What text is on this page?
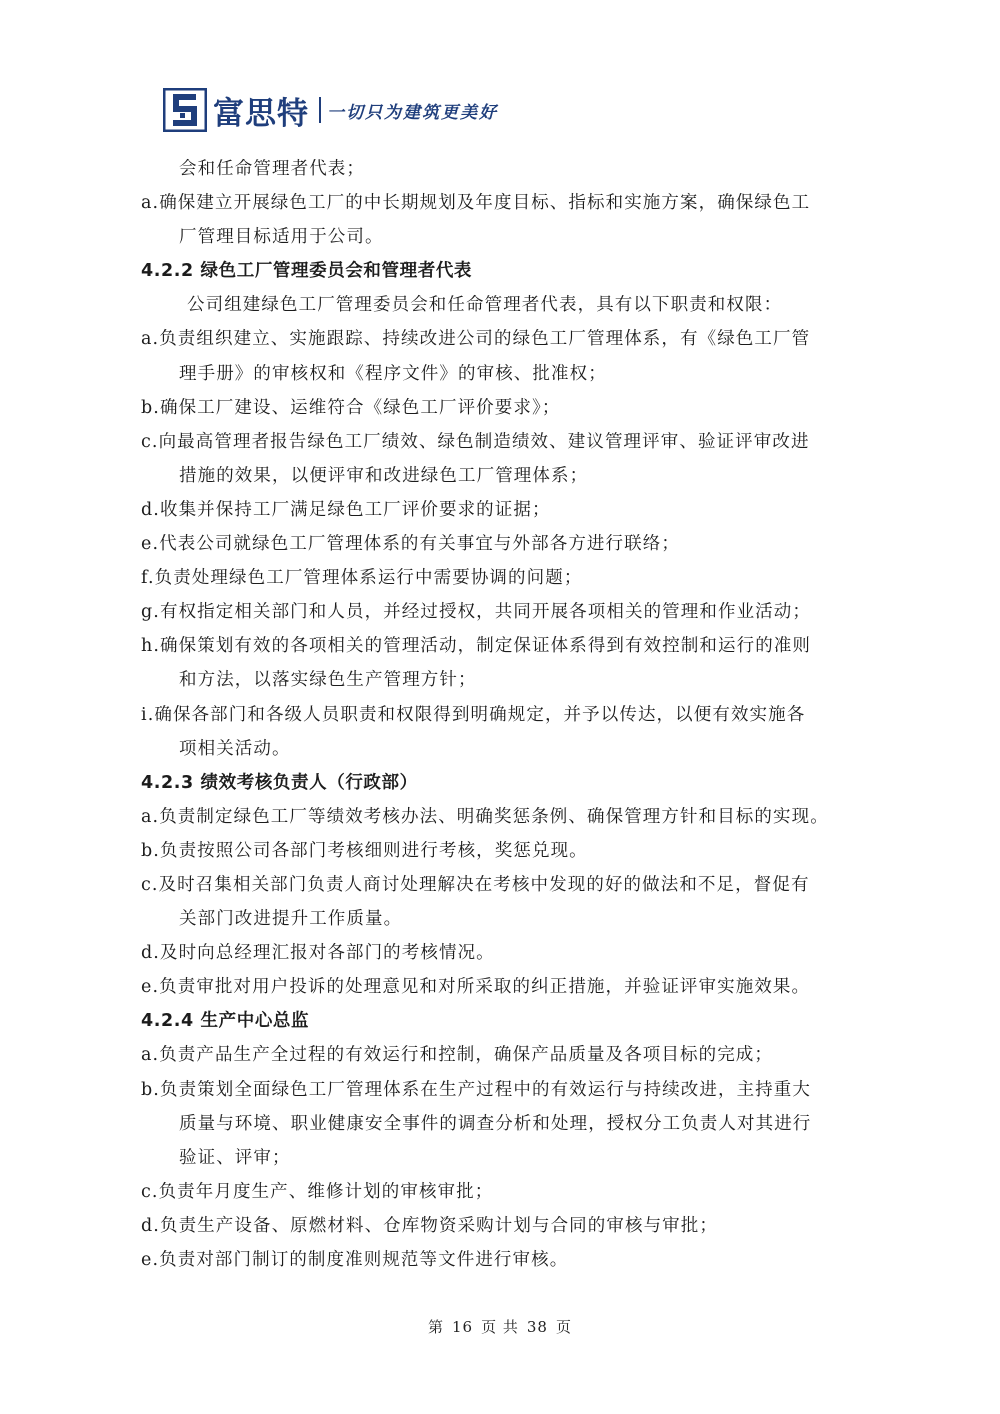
富思特 一切只为建筑更美好
会和任命管理者代表；
a.确保建立开展绿色工厂的中长期规划及年度目标、指标和实施方案，确保绿色工
厂管理目标适用于公司。
4.2.2 绿色工厂管理委员会和管理者代表
公司组建绿色工厂管理委员会和任命管理者代表，具有以下职责和权限：
a.负责组织建立、实施跟踪、持续改进公司的绿色工厂管理体系，有《绿色工厂管
理手册》的审核权和《程序文件》的审核、批准权；
b.确保工厂建设、运维符合《绿色工厂评价要求》；
c.向最高管理者报告绿色工厂绩效、绿色制造绩效、建议管理评审、验证评审改进
措施的效果，以便评审和改进绿色工厂管理体系；
d.收集并保持工厂满足绿色工厂评价要求的证据；
e.代表公司就绿色工厂管理体系的有关事宜与外部各方进行联络；
f.负责处理绿色工厂管理体系运行中需要协调的问题；
g.有权指定相关部门和人员，并经过授权，共同开展各项相关的管理和作业活动；
h.确保策划有效的各项相关的管理活动，制定保证体系得到有效控制和运行的准则
和方法，以落实绿色生产管理方针；
i.确保各部门和各级人员职责和权限得到明确规定，并予以传达，以便有效实施各
项相关活动。
4.2.3 绩效考核负责人（行政部）
a.负责制定绿色工厂等绩效考核办法、明确奖惩条例、确保管理方针和目标的实现。
b.负责按照公司各部门考核细则进行考核，奖惩兑现。
c.及时召集相关部门负责人商讨处理解决在考核中发现的好的做法和不足，督促有
关部门改进提升工作质量。
d.及时向总经理汇报对各部门的考核情况。
e.负责审批对用户投诉的处理意见和对所采取的纠正措施，并验证评审实施效果。
4.2.4 生产中心总监
a.负责产品生产全过程的有效运行和控制，确保产品质量及各项目标的完成；
b.负责策划全面绿色工厂管理体系在生产过程中的有效运行与持续改进，主持重大
质量与环境、职业健康安全事件的调查分析和处理，授权分工负责人对其进行
验证、评审；
c.负责年月度生产、维修计划的审核审批；
d.负责生产设备、原燃材料、仓库物资采购计划与合同的审核与审批；
e.负责对部门制订的制度准则规范等文件进行审核。
第 16 页 共 38 页
